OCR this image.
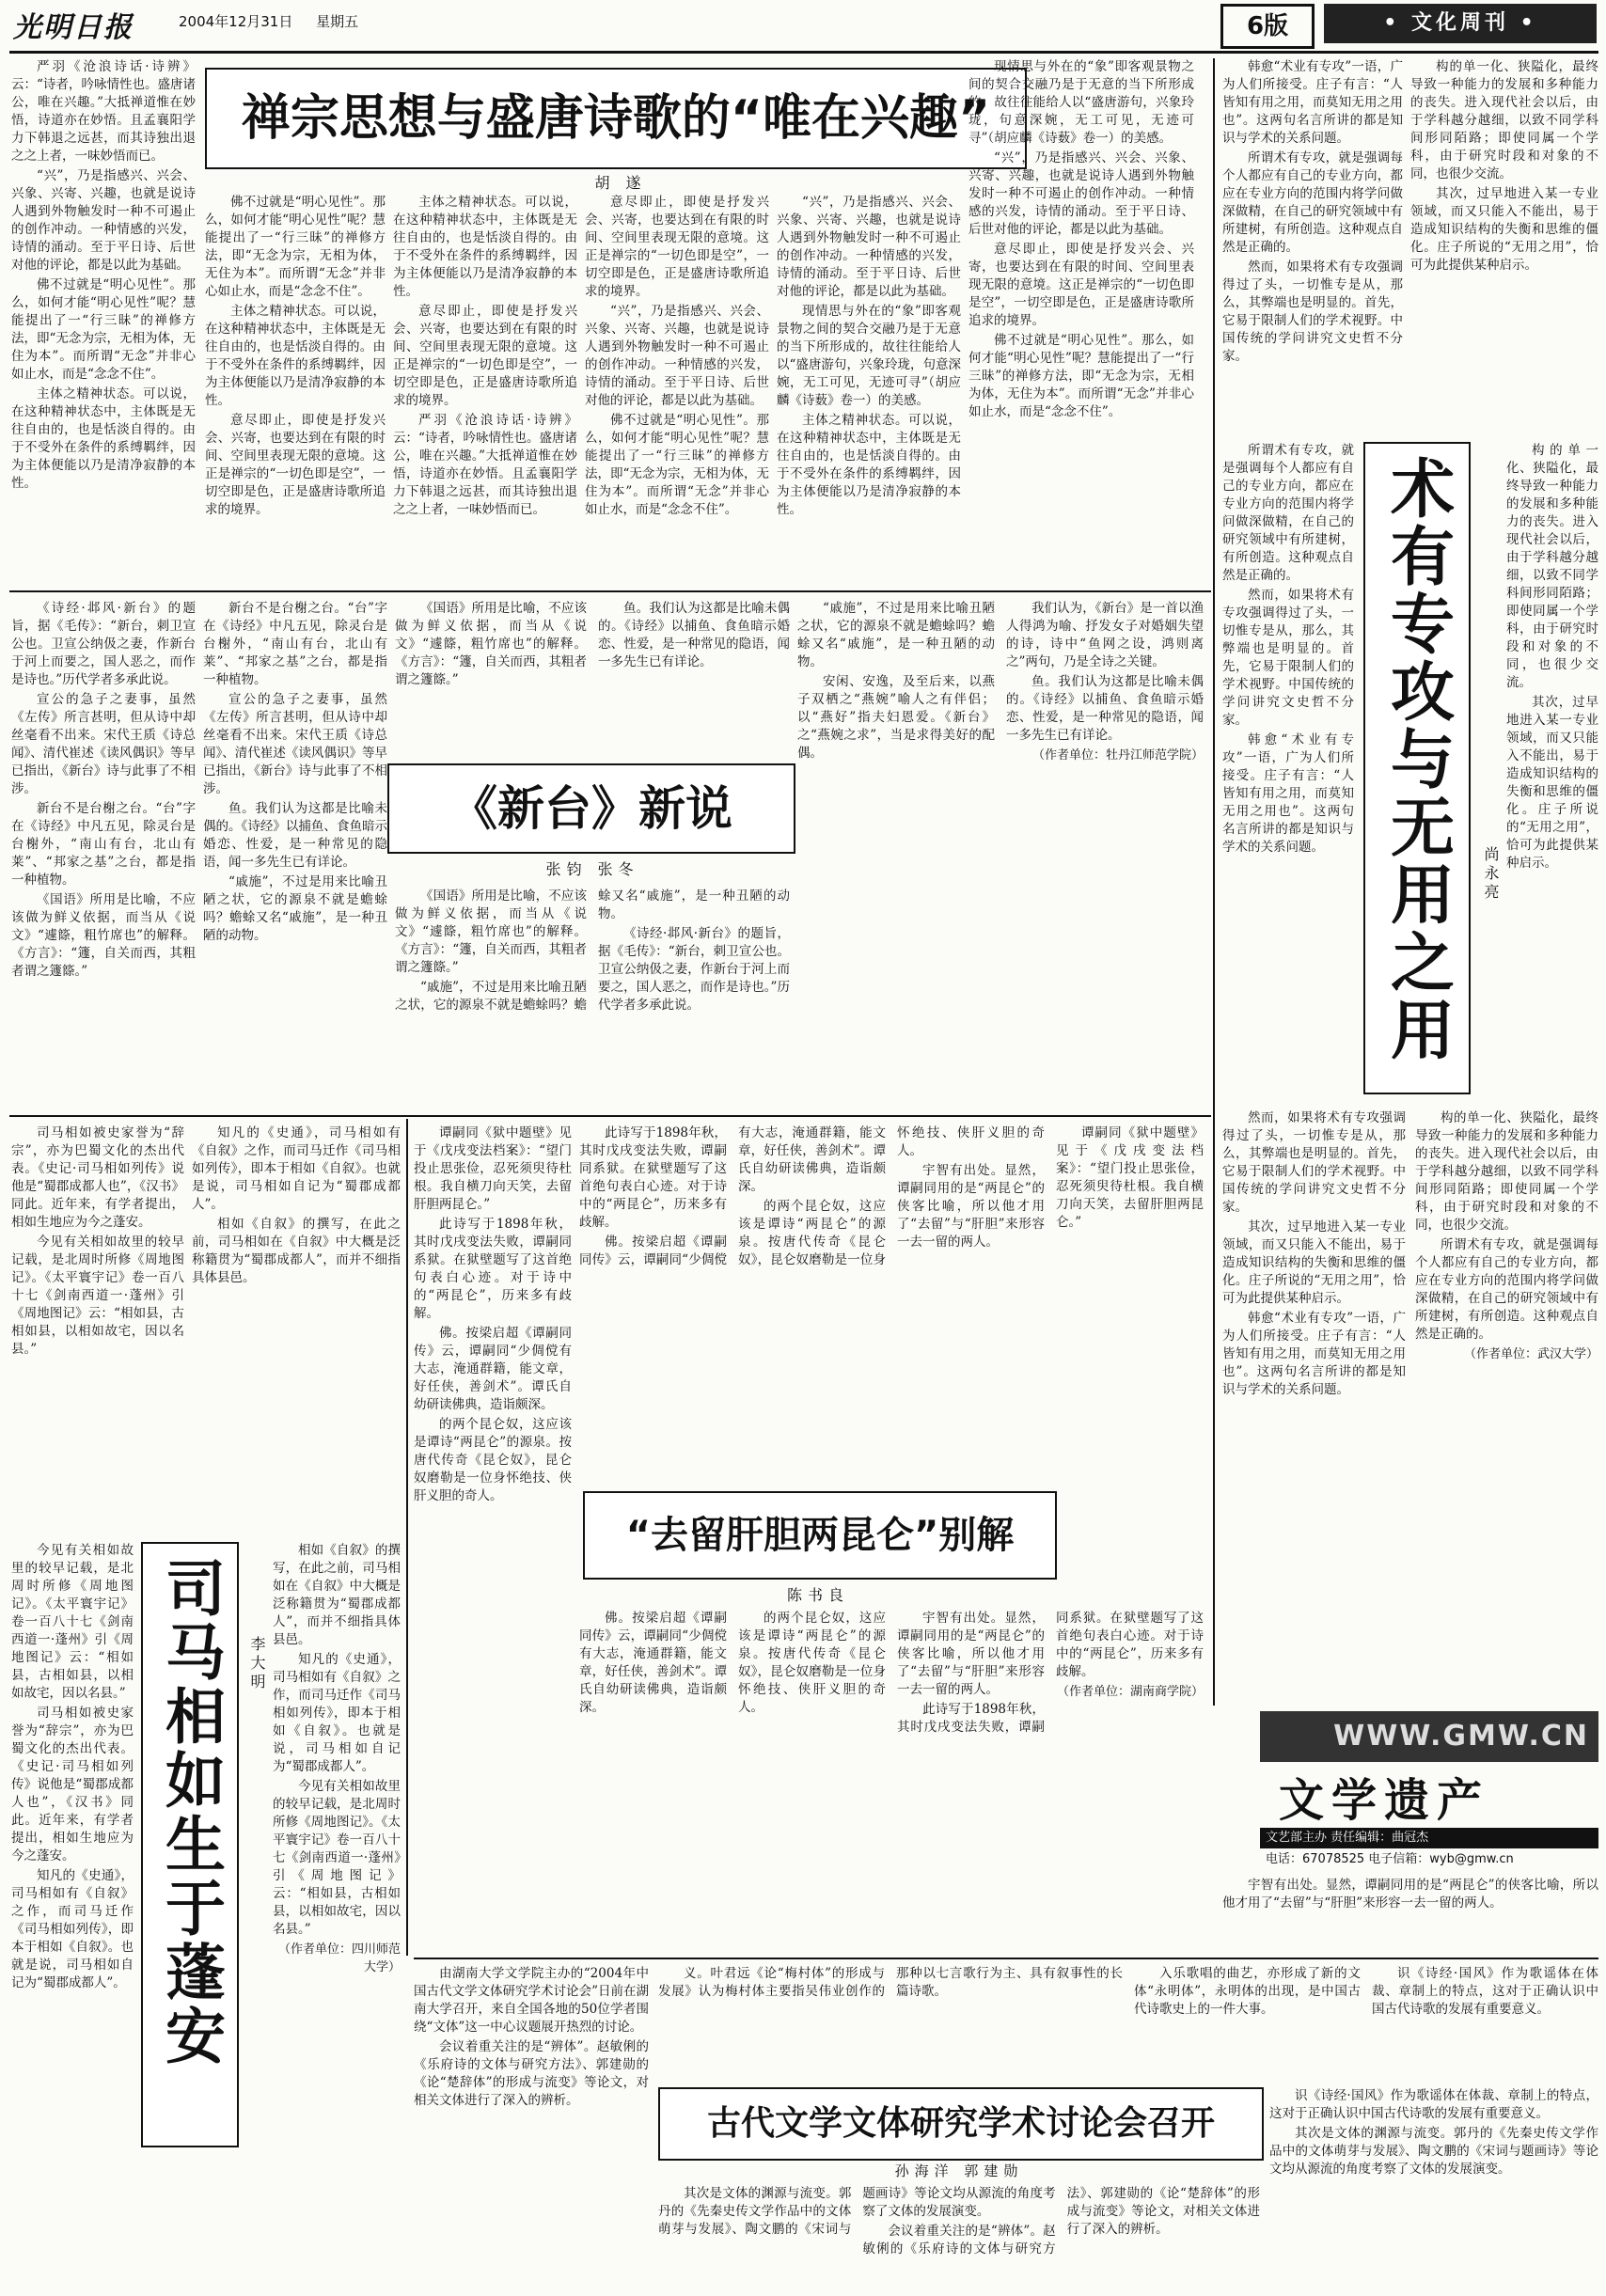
光明日报	2004年12月31日 星期五	6版	• 文化周刊 •
禅宗思想与盛唐诗歌的“唯在兴趣”
胡 遂

严羽《沧浪诗话·诗辨》云：“诗者，吟咏情性也。盛唐诸公，唯在兴趣。”大抵禅道惟在妙悟，诗道亦在妙悟。且孟襄阳学力下韩退之远甚，而其诗独出退之之上者，一味妙悟而已。

“兴”，乃是指感兴、兴会、兴象、兴寄、兴趣，也就是说诗人遇到外物触发时一种不可遏止的创作冲动。一种情感的兴发，诗情的涌动。至于平日诗、后世对他的评论，都是以此为基础。

佛不过就是“明心见性”。那么，如何才能“明心见性”呢？慧能提出了一“行三昧”的禅修方法，即“无念为宗，无相为体，无住为本”。而所谓“无念”并非心如止水，而是“念念不住”。

主体之精神状态。可以说，在这种精神状态中，主体既是无往自由的，也是恬淡自得的。由于不受外在条件的系缚羁绊，因为主体便能以乃是清净寂静的本性。

佛不过就是“明心见性”。那么，如何才能“明心见性”呢？慧能提出了一“行三昧”的禅修方法，即“无念为宗，无相为体，无住为本”。而所谓“无念”并非心如止水，而是“念念不住”。

主体之精神状态。可以说，在这种精神状态中，主体既是无往自由的，也是恬淡自得的。由于不受外在条件的系缚羁绊，因为主体便能以乃是清净寂静的本性。

意尽即止，即使是抒发兴会、兴寄，也要达到在有限的时间、空间里表现无限的意境。这正是禅宗的“一切色即是空”，一切空即是色，正是盛唐诗歌所追求的境界。

主体之精神状态。可以说，在这种精神状态中，主体既是无往自由的，也是恬淡自得的。由于不受外在条件的系缚羁绊，因为主体便能以乃是清净寂静的本性。

意尽即止，即使是抒发兴会、兴寄，也要达到在有限的时间、空间里表现无限的意境。这正是禅宗的“一切色即是空”，一切空即是色，正是盛唐诗歌所追求的境界。

严羽《沧浪诗话·诗辨》云：“诗者，吟咏情性也。盛唐诸公，唯在兴趣。”大抵禅道惟在妙悟，诗道亦在妙悟。且孟襄阳学力下韩退之远甚，而其诗独出退之之上者，一味妙悟而已。

意尽即止，即使是抒发兴会、兴寄，也要达到在有限的时间、空间里表现无限的意境。这正是禅宗的“一切色即是空”，一切空即是色，正是盛唐诗歌所追求的境界。

“兴”，乃是指感兴、兴会、兴象、兴寄、兴趣，也就是说诗人遇到外物触发时一种不可遏止的创作冲动。一种情感的兴发，诗情的涌动。至于平日诗、后世对他的评论，都是以此为基础。

佛不过就是“明心见性”。那么，如何才能“明心见性”呢？慧能提出了一“行三昧”的禅修方法，即“无念为宗，无相为体，无住为本”。而所谓“无念”并非心如止水，而是“念念不住”。

“兴”，乃是指感兴、兴会、兴象、兴寄、兴趣，也就是说诗人遇到外物触发时一种不可遏止的创作冲动。一种情感的兴发，诗情的涌动。至于平日诗、后世对他的评论，都是以此为基础。

现情思与外在的“象”即客观景物之间的契合交融乃是于无意的当下所形成的，故往往能给人以“盛唐游句，兴象玲珑，句意深婉，无工可见，无迹可寻”（胡应麟《诗薮》卷一）的美感。

主体之精神状态。可以说，在这种精神状态中，主体既是无往自由的，也是恬淡自得的。由于不受外在条件的系缚羁绊，因为主体便能以乃是清净寂静的本性。

现情思与外在的“象”即客观景物之间的契合交融乃是于无意的当下所形成的，故往往能给人以“盛唐游句，兴象玲珑，句意深婉，无工可见，无迹可寻”（胡应麟《诗薮》卷一）的美感。

“兴”，乃是指感兴、兴会、兴象、兴寄、兴趣，也就是说诗人遇到外物触发时一种不可遏止的创作冲动。一种情感的兴发，诗情的涌动。至于平日诗、后世对他的评论，都是以此为基础。

意尽即止，即使是抒发兴会、兴寄，也要达到在有限的时间、空间里表现无限的意境。这正是禅宗的“一切色即是空”，一切空即是色，正是盛唐诗歌所追求的境界。

佛不过就是“明心见性”。那么，如何才能“明心见性”呢？慧能提出了一“行三昧”的禅修方法，即“无念为宗，无相为体，无住为本”。而所谓“无念”并非心如止水，而是“念念不住”。

韩愈“术业有专攻”一语，广为人们所接受。庄子有言：“人皆知有用之用，而莫知无用之用也”。这两句名言所讲的都是知识与学术的关系问题。

所谓术有专攻，就是强调每个人都应有自己的专业方向，都应在专业方向的范围内将学问做深做精，在自己的研究领域中有所建树，有所创造。这种观点自然是正确的。

然而，如果将术有专攻强调得过了头，一切惟专是从，那么，其弊端也是明显的。首先，它易于限制人们的学术视野。中国传统的学问讲究文史哲不分家。

构的单一化、狭隘化，最终导致一种能力的发展和多种能力的丧失。进入现代社会以后，由于学科越分越细，以致不同学科间形同陌路；即使同属一个学科，由于研究时段和对象的不同，也很少交流。

其次，过早地进入某一专业领域，而又只能入不能出，易于造成知识结构的失衡和思维的僵化。庄子所说的“无用之用”，恰可为此提供某种启示。

术有专攻与无用之用	尚永亮

所谓术有专攻，就是强调每个人都应有自己的专业方向，都应在专业方向的范围内将学问做深做精，在自己的研究领域中有所建树，有所创造。这种观点自然是正确的。

然而，如果将术有专攻强调得过了头，一切惟专是从，那么，其弊端也是明显的。首先，它易于限制人们的学术视野。中国传统的学问讲究文史哲不分家。

韩愈“术业有专攻”一语，广为人们所接受。庄子有言：“人皆知有用之用，而莫知无用之用也”。这两句名言所讲的都是知识与学术的关系问题。

构的单一化、狭隘化，最终导致一种能力的发展和多种能力的丧失。进入现代社会以后，由于学科越分越细，以致不同学科间形同陌路；即使同属一个学科，由于研究时段和对象的不同，也很少交流。

其次，过早地进入某一专业领域，而又只能入不能出，易于造成知识结构的失衡和思维的僵化。庄子所说的“无用之用”，恰可为此提供某种启示。

然而，如果将术有专攻强调得过了头，一切惟专是从，那么，其弊端也是明显的。首先，它易于限制人们的学术视野。中国传统的学问讲究文史哲不分家。

其次，过早地进入某一专业领域，而又只能入不能出，易于造成知识结构的失衡和思维的僵化。庄子所说的“无用之用”，恰可为此提供某种启示。

韩愈“术业有专攻”一语，广为人们所接受。庄子有言：“人皆知有用之用，而莫知无用之用也”。这两句名言所讲的都是知识与学术的关系问题。

构的单一化、狭隘化，最终导致一种能力的发展和多种能力的丧失。进入现代社会以后，由于学科越分越细，以致不同学科间形同陌路；即使同属一个学科，由于研究时段和对象的不同，也很少交流。

所谓术有专攻，就是强调每个人都应有自己的专业方向，都应在专业方向的范围内将学问做深做精，在自己的研究领域中有所建树，有所创造。这种观点自然是正确的。

（作者单位：武汉大学）

《新台》新说
张钧 张冬

《诗经·邶风·新台》的题旨，据《毛传》：“新台，刺卫宣公也。卫宣公纳伋之妻，作新台于河上而要之，国人恶之，而作是诗也。”历代学者多承此说。

宣公的急子之妻事，虽然《左传》所言甚明，但从诗中却丝毫看不出来。宋代王质《诗总闻》、清代崔述《读风偶识》等早已指出，《新台》诗与此事了不相涉。

新台不是台榭之台。“台”字在《诗经》中凡五见，除灵台是台榭外，“南山有台，北山有莱”、“邦家之基”之台，都是指一种植物。

《国语》所用是比喻，不应该做为鲜义依据，而当从《说文》“遽篨，粗竹席也”的解释。《方言》：“籧，自关而西，其粗者谓之籧篨。”

新台不是台榭之台。“台”字在《诗经》中凡五见，除灵台是台榭外，“南山有台，北山有莱”、“邦家之基”之台，都是指一种植物。

宣公的急子之妻事，虽然《左传》所言甚明，但从诗中却丝毫看不出来。宋代王质《诗总闻》、清代崔述《读风偶识》等早已指出，《新台》诗与此事了不相涉。

鱼。我们认为这都是比喻未偶的。《诗经》以捕鱼、食鱼暗示婚恋、性爱，是一种常见的隐语，闻一多先生已有详论。

“戚施”，不过是用来比喻丑陋之状，它的源泉不就是蟾蜍吗？蟾蜍又名“戚施”，是一种丑陋的动物。

《国语》所用是比喻，不应该做为鲜义依据，而当从《说文》“遽篨，粗竹席也”的解释。《方言》：“籧，自关而西，其粗者谓之籧篨。”

鱼。我们认为这都是比喻未偶的。《诗经》以捕鱼、食鱼暗示婚恋、性爱，是一种常见的隐语，闻一多先生已有详论。

《国语》所用是比喻，不应该做为鲜义依据，而当从《说文》“遽篨，粗竹席也”的解释。《方言》：“籧，自关而西，其粗者谓之籧篨。”

“戚施”，不过是用来比喻丑陋之状，它的源泉不就是蟾蜍吗？蟾蜍又名“戚施”，是一种丑陋的动物。

《诗经·邶风·新台》的题旨，据《毛传》：“新台，刺卫宣公也。卫宣公纳伋之妻，作新台于河上而要之，国人恶之，而作是诗也。”历代学者多承此说。

“戚施”，不过是用来比喻丑陋之状，它的源泉不就是蟾蜍吗？蟾蜍又名“戚施”，是一种丑陋的动物。

安闲、安逸，及至后来，以燕子双栖之“燕婉”喻人之有伴侣；以“燕好”指夫妇恩爱。《新台》之“燕婉之求”，当是求得美好的配偶。

我们认为，《新台》是一首以渔人得鸿为喻、抒发女子对婚姻失望的诗，诗中“鱼网之设，鸿则离之”两句，乃是全诗之关键。

鱼。我们认为这都是比喻未偶的。《诗经》以捕鱼、食鱼暗示婚恋、性爱，是一种常见的隐语，闻一多先生已有详论。

（作者单位：牡丹江师范学院）

司马相如被史家誉为“辞宗”，亦为巴蜀文化的杰出代表。《史记·司马相如列传》说他是“蜀郡成都人也”，《汉书》同此。近年来，有学者提出，相如生地应为今之蓬安。

今见有关相如故里的较早记载，是北周时所修《周地图记》。《太平寰宇记》卷一百八十七《剑南西道一·蓬州》引《周地图记》云：“相如县，古相如县，以相如故宅，因以名县。”

司马相如生于蓬安	李大明

今见有关相如故里的较早记载，是北周时所修《周地图记》。《太平寰宇记》卷一百八十七《剑南西道一·蓬州》引《周地图记》云：“相如县，古相如县，以相如故宅，因以名县。”

司马相如被史家誉为“辞宗”，亦为巴蜀文化的杰出代表。《史记·司马相如列传》说他是“蜀郡成都人也”，《汉书》同此。近年来，有学者提出，相如生地应为今之蓬安。

知凡的《史通》，司马相如有《自叙》之作，而司马迁作《司马相如列传》，即本于相如《自叙》。也就是说，司马相如自记为“蜀郡成都人”。

知凡的《史通》，司马相如有《自叙》之作，而司马迁作《司马相如列传》，即本于相如《自叙》。也就是说，司马相如自记为“蜀郡成都人”。

相如《自叙》的撰写，在此之前，司马相如在《自叙》中大概是泛称籍贯为“蜀郡成都人”，而并不细指具体县邑。

相如《自叙》的撰写，在此之前，司马相如在《自叙》中大概是泛称籍贯为“蜀郡成都人”，而并不细指具体县邑。

知凡的《史通》，司马相如有《自叙》之作，而司马迁作《司马相如列传》，即本于相如《自叙》。也就是说，司马相如自记为“蜀郡成都人”。

今见有关相如故里的较早记载，是北周时所修《周地图记》。《太平寰宇记》卷一百八十七《剑南西道一·蓬州》引《周地图记》云：“相如县，古相如县，以相如故宅，因以名县。”

（作者单位：四川师范大学）

“去留肝胆两昆仑”别解
陈书良

谭嗣同《狱中题壁》见于《戊戌变法档案》：“望门投止思张俭，忍死须臾待杜根。我自横刀向天笑，去留肝胆两昆仑。”

此诗写于1898年秋，其时戊戌变法失败，谭嗣同系狱。在狱壁题写了这首绝句表白心迹。对于诗中的“两昆仑”，历来多有歧解。

佛。按梁启超《谭嗣同传》云，谭嗣同“少倜傥有大志，淹通群籍，能文章，好任侠，善剑术”。谭氏自幼研读佛典，造诣颇深。

的两个昆仑奴，这应该是谭诗“两昆仑”的源泉。按唐代传奇《昆仑奴》，昆仑奴磨勒是一位身怀绝技、侠肝义胆的奇人。

此诗写于1898年秋，其时戊戌变法失败，谭嗣同系狱。在狱壁题写了这首绝句表白心迹。对于诗中的“两昆仑”，历来多有歧解。

佛。按梁启超《谭嗣同传》云，谭嗣同“少倜傥有大志，淹通群籍，能文章，好任侠，善剑术”。谭氏自幼研读佛典，造诣颇深。

的两个昆仑奴，这应该是谭诗“两昆仑”的源泉。按唐代传奇《昆仑奴》，昆仑奴磨勒是一位身怀绝技、侠肝义胆的奇人。

宇智有出处。显然，谭嗣同用的是“两昆仑”的侠客比喻，所以他才用了“去留”与“肝胆”来形容一去一留的两人。

谭嗣同《狱中题壁》见于《戊戌变法档案》：“望门投止思张俭，忍死须臾待杜根。我自横刀向天笑，去留肝胆两昆仑。”

佛。按梁启超《谭嗣同传》云，谭嗣同“少倜傥有大志，淹通群籍，能文章，好任侠，善剑术”。谭氏自幼研读佛典，造诣颇深。

的两个昆仑奴，这应该是谭诗“两昆仑”的源泉。按唐代传奇《昆仑奴》，昆仑奴磨勒是一位身怀绝技、侠肝义胆的奇人。

宇智有出处。显然，谭嗣同用的是“两昆仑”的侠客比喻，所以他才用了“去留”与“肝胆”来形容一去一留的两人。

此诗写于1898年秋，其时戊戌变法失败，谭嗣同系狱。在狱壁题写了这首绝句表白心迹。对于诗中的“两昆仑”，历来多有歧解。

（作者单位：湖南商学院）

WWW.GMW.CN
文学遗产
文艺部主办 责任编辑：曲冠杰
电话：67078525 电子信箱：wyb@gmw.cn

宇智有出处。显然，谭嗣同用的是“两昆仑”的侠客比喻，所以他才用了“去留”与“肝胆”来形容一去一留的两人。

古代文学文体研究学术讨论会召开
孙海洋 郭建勋

由湖南大学文学院主办的“2004年中国古代文学文体研究学术讨论会”日前在湖南大学召开，来自全国各地的50位学者围绕“文体”这一中心议题展开热烈的讨论。

会议着重关注的是“辨体”。赵敏俐的《乐府诗的文体与研究方法》、郭建勋的《论“楚辞体”的形成与流变》等论文，对相关文体进行了深入的辨析。

义。叶君远《论“梅村体”的形成与发展》认为梅村体主要指吴伟业创作的那种以七言歌行为主、具有叙事性的长篇诗歌。

入乐歌唱的曲艺，亦形成了新的文体“永明体”，永明体的出现，是中国古代诗歌史上的一件大事。

识《诗经·国风》作为歌谣体在体裁、章制上的特点，这对于正确认识中国古代诗歌的发展有重要意义。

识《诗经·国风》作为歌谣体在体裁、章制上的特点，这对于正确认识中国古代诗歌的发展有重要意义。

其次是文体的渊源与流变。郭丹的《先秦史传文学作品中的文体萌芽与发展》、陶文鹏的《宋词与题画诗》等论文均从源流的角度考察了文体的发展演变。

其次是文体的渊源与流变。郭丹的《先秦史传文学作品中的文体萌芽与发展》、陶文鹏的《宋词与题画诗》等论文均从源流的角度考察了文体的发展演变。

会议着重关注的是“辨体”。赵敏俐的《乐府诗的文体与研究方法》、郭建勋的《论“楚辞体”的形成与流变》等论文，对相关文体进行了深入的辨析。
